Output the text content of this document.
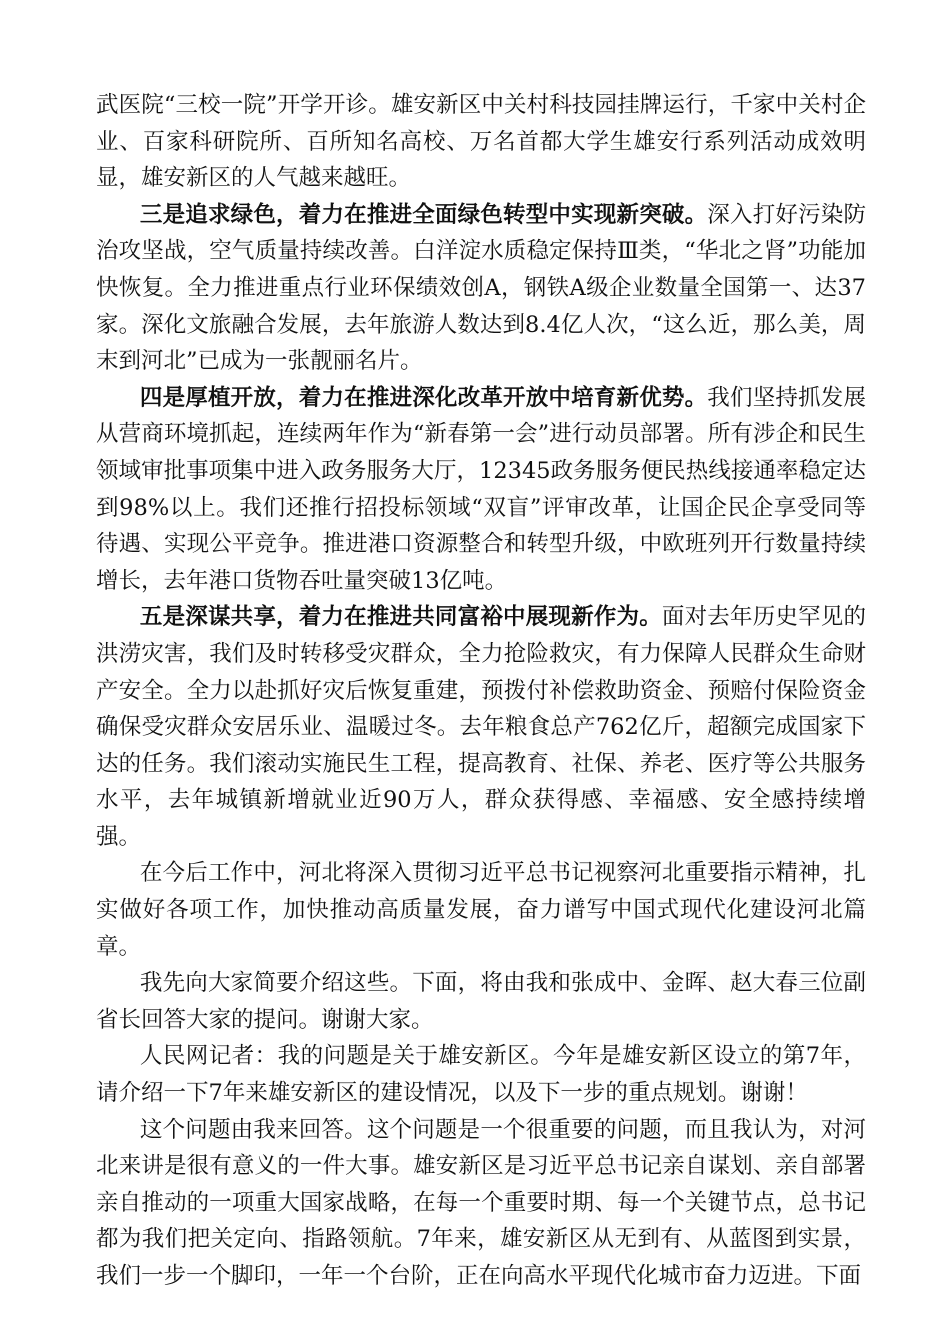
武医院“三校一院”开学开诊。雄安新区中关村科技园挂牌运行，千家中关村企业、百家科研院所、百所知名高校、万名首都大学生雄安行系列活动成效明显，雄安新区的人气越来越旺。

三是追求绿色，着力在推进全面绿色转型中实现新突破。深入打好污染防治攻坚战，空气质量持续改善。白洋淀水质稳定保持Ⅲ类，“华北之肾”功能加快恢复。全力推进重点行业环保绩效创A，钢铁A级企业数量全国第一、达37家。深化文旅融合发展，去年旅游人数达到8.4亿人次，“这么近，那么美，周末到河北”已成为一张靓丽名片。

四是厚植开放，着力在推进深化改革开放中培育新优势。我们坚持抓发展从营商环境抓起，连续两年作为“新春第一会”进行动员部署。所有涉企和民生领域审批事项集中进入政务服务大厅，12345政务服务便民热线接通率稳定达到98%以上。我们还推行招投标领域“双盲”评审改革，让国企民企享受同等待遇、实现公平竞争。推进港口资源整合和转型升级，中欧班列开行数量持续增长，去年港口货物吞吐量突破13亿吨。

五是深谋共享，着力在推进共同富裕中展现新作为。面对去年历史罕见的洪涝灾害，我们及时转移受灾群众，全力抢险救灾，有力保障人民群众生命财产安全。全力以赴抓好灾后恢复重建，预拨付补偿救助资金、预赔付保险资金确保受灾群众安居乐业、温暖过冬。去年粮食总产762亿斤，超额完成国家下达的任务。我们滚动实施民生工程，提高教育、社保、养老、医疗等公共服务水平，去年城镇新增就业近90万人，群众获得感、幸福感、安全感持续增强。

在今后工作中，河北将深入贯彻习近平总书记视察河北重要指示精神，扎实做好各项工作，加快推动高质量发展，奋力谱写中国式现代化建设河北篇章。

我先向大家简要介绍这些。下面，将由我和张成中、金晖、赵大春三位副省长回答大家的提问。谢谢大家。

人民网记者：我的问题是关于雄安新区。今年是雄安新区设立的第7年，请介绍一下7年来雄安新区的建设情况，以及下一步的重点规划。谢谢！

这个问题由我来回答。这个问题是一个很重要的问题，而且我认为，对河北来讲是很有意义的一件大事。雄安新区是习近平总书记亲自谋划、亲自部署亲自推动的一项重大国家战略，在每一个重要时期、每一个关键节点，总书记都为我们把关定向、指路领航。7年来，雄安新区从无到有、从蓝图到实景，我们一步一个脚印，一年一个台阶，正在向高水平现代化城市奋力迈进。下面
